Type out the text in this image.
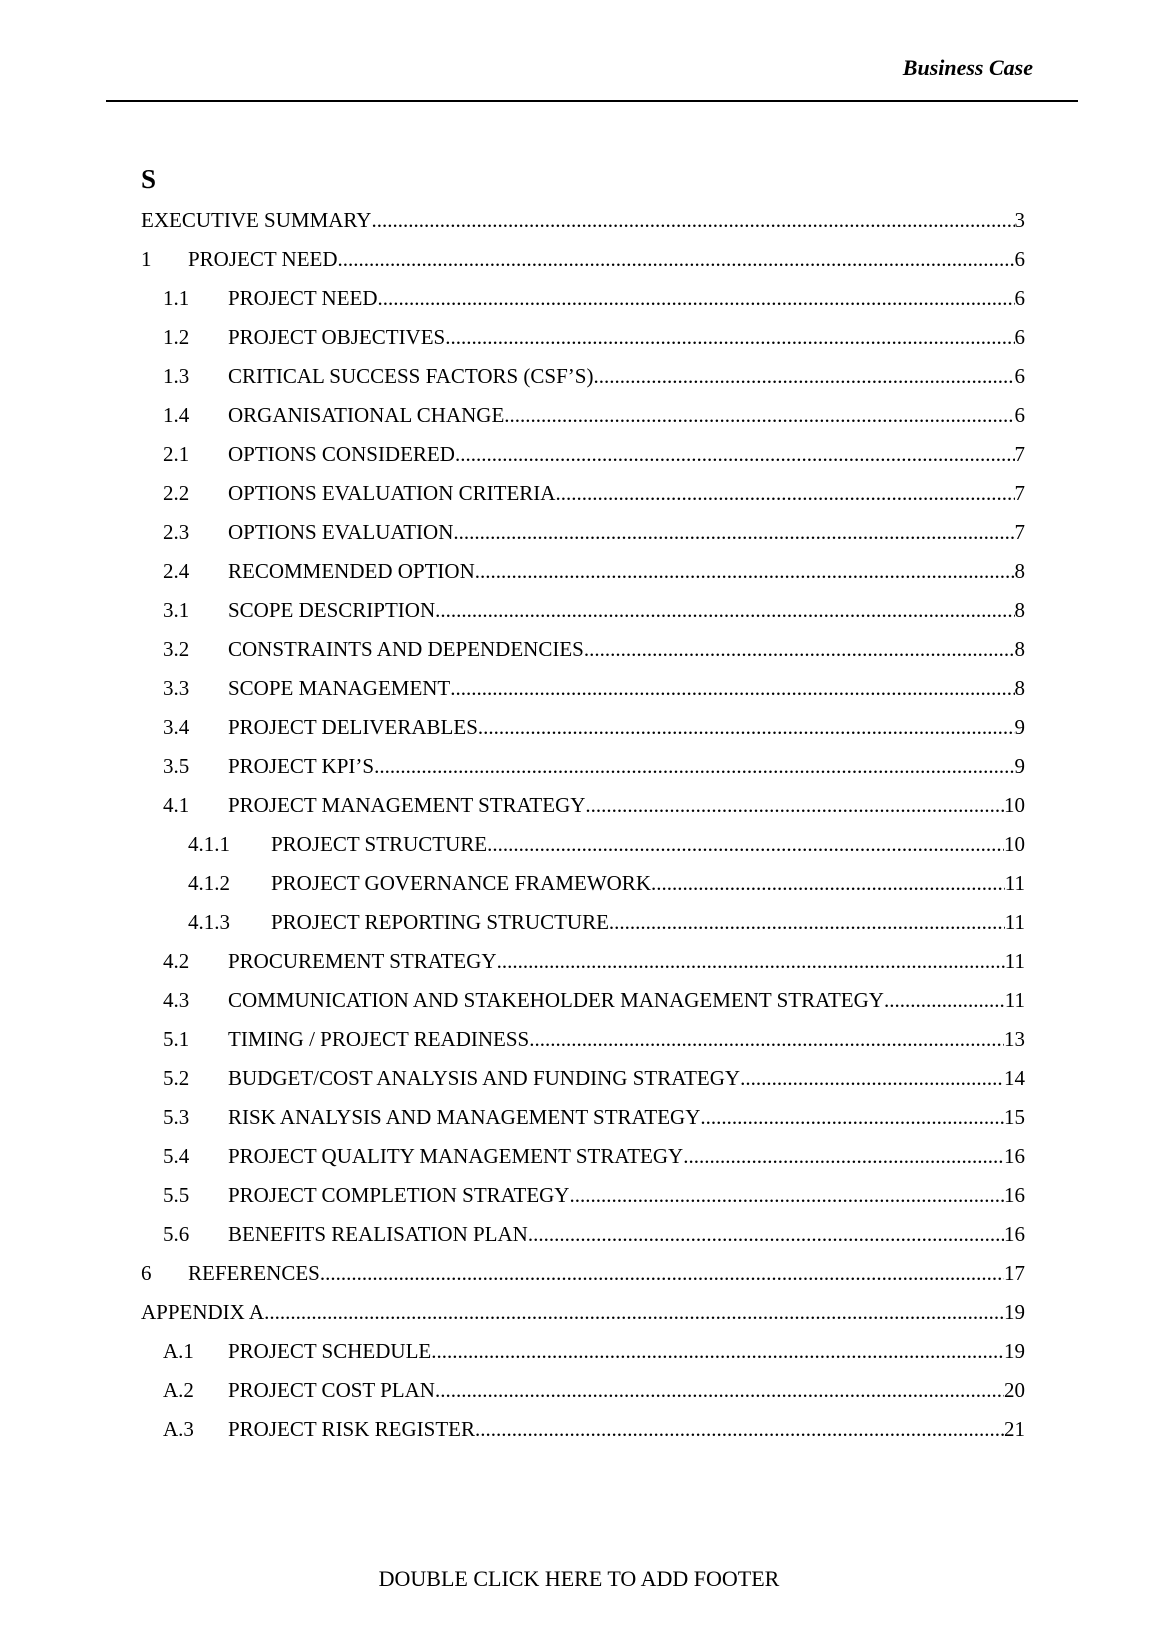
Business Case
S
EXECUTIVE SUMMARY .....	3
1	PROJECT NEED .....	6
1.1	PROJECT NEED .....	6
1.2	PROJECT OBJECTIVES .....	6
1.3	CRITICAL SUCCESS FACTORS (CSF’S) .....	6
1.4	ORGANISATIONAL CHANGE .....	6
2.1	OPTIONS CONSIDERED .....	7
2.2	OPTIONS EVALUATION CRITERIA .....	7
2.3	OPTIONS EVALUATION .....	7
2.4	RECOMMENDED OPTION .....	8
3.1	SCOPE DESCRIPTION .....	8
3.2	CONSTRAINTS AND DEPENDENCIES .....	8
3.3	SCOPE MANAGEMENT .....	8
3.4	PROJECT DELIVERABLES .....	9
3.5	PROJECT KPI’S .....	9
4.1	PROJECT MANAGEMENT STRATEGY .....	10
4.1.1	PROJECT STRUCTURE .....	10
4.1.2	PROJECT GOVERNANCE FRAMEWORK .....	11
4.1.3	PROJECT REPORTING STRUCTURE .....	11
4.2	PROCUREMENT STRATEGY .....	11
4.3	COMMUNICATION AND STAKEHOLDER MANAGEMENT STRATEGY .....	11
5.1	TIMING / PROJECT READINESS .....	13
5.2	BUDGET/COST ANALYSIS AND FUNDING STRATEGY .....	14
5.3	RISK ANALYSIS AND MANAGEMENT STRATEGY .....	15
5.4	PROJECT QUALITY MANAGEMENT STRATEGY .....	16
5.5	PROJECT COMPLETION STRATEGY .....	16
5.6	BENEFITS REALISATION PLAN .....	16
6	REFERENCES .....	17
APPENDIX A .....	19
A.1	PROJECT SCHEDULE .....	19
A.2	PROJECT COST PLAN .....	20
A.3	PROJECT RISK REGISTER .....	21
DOUBLE CLICK HERE TO ADD FOOTER
